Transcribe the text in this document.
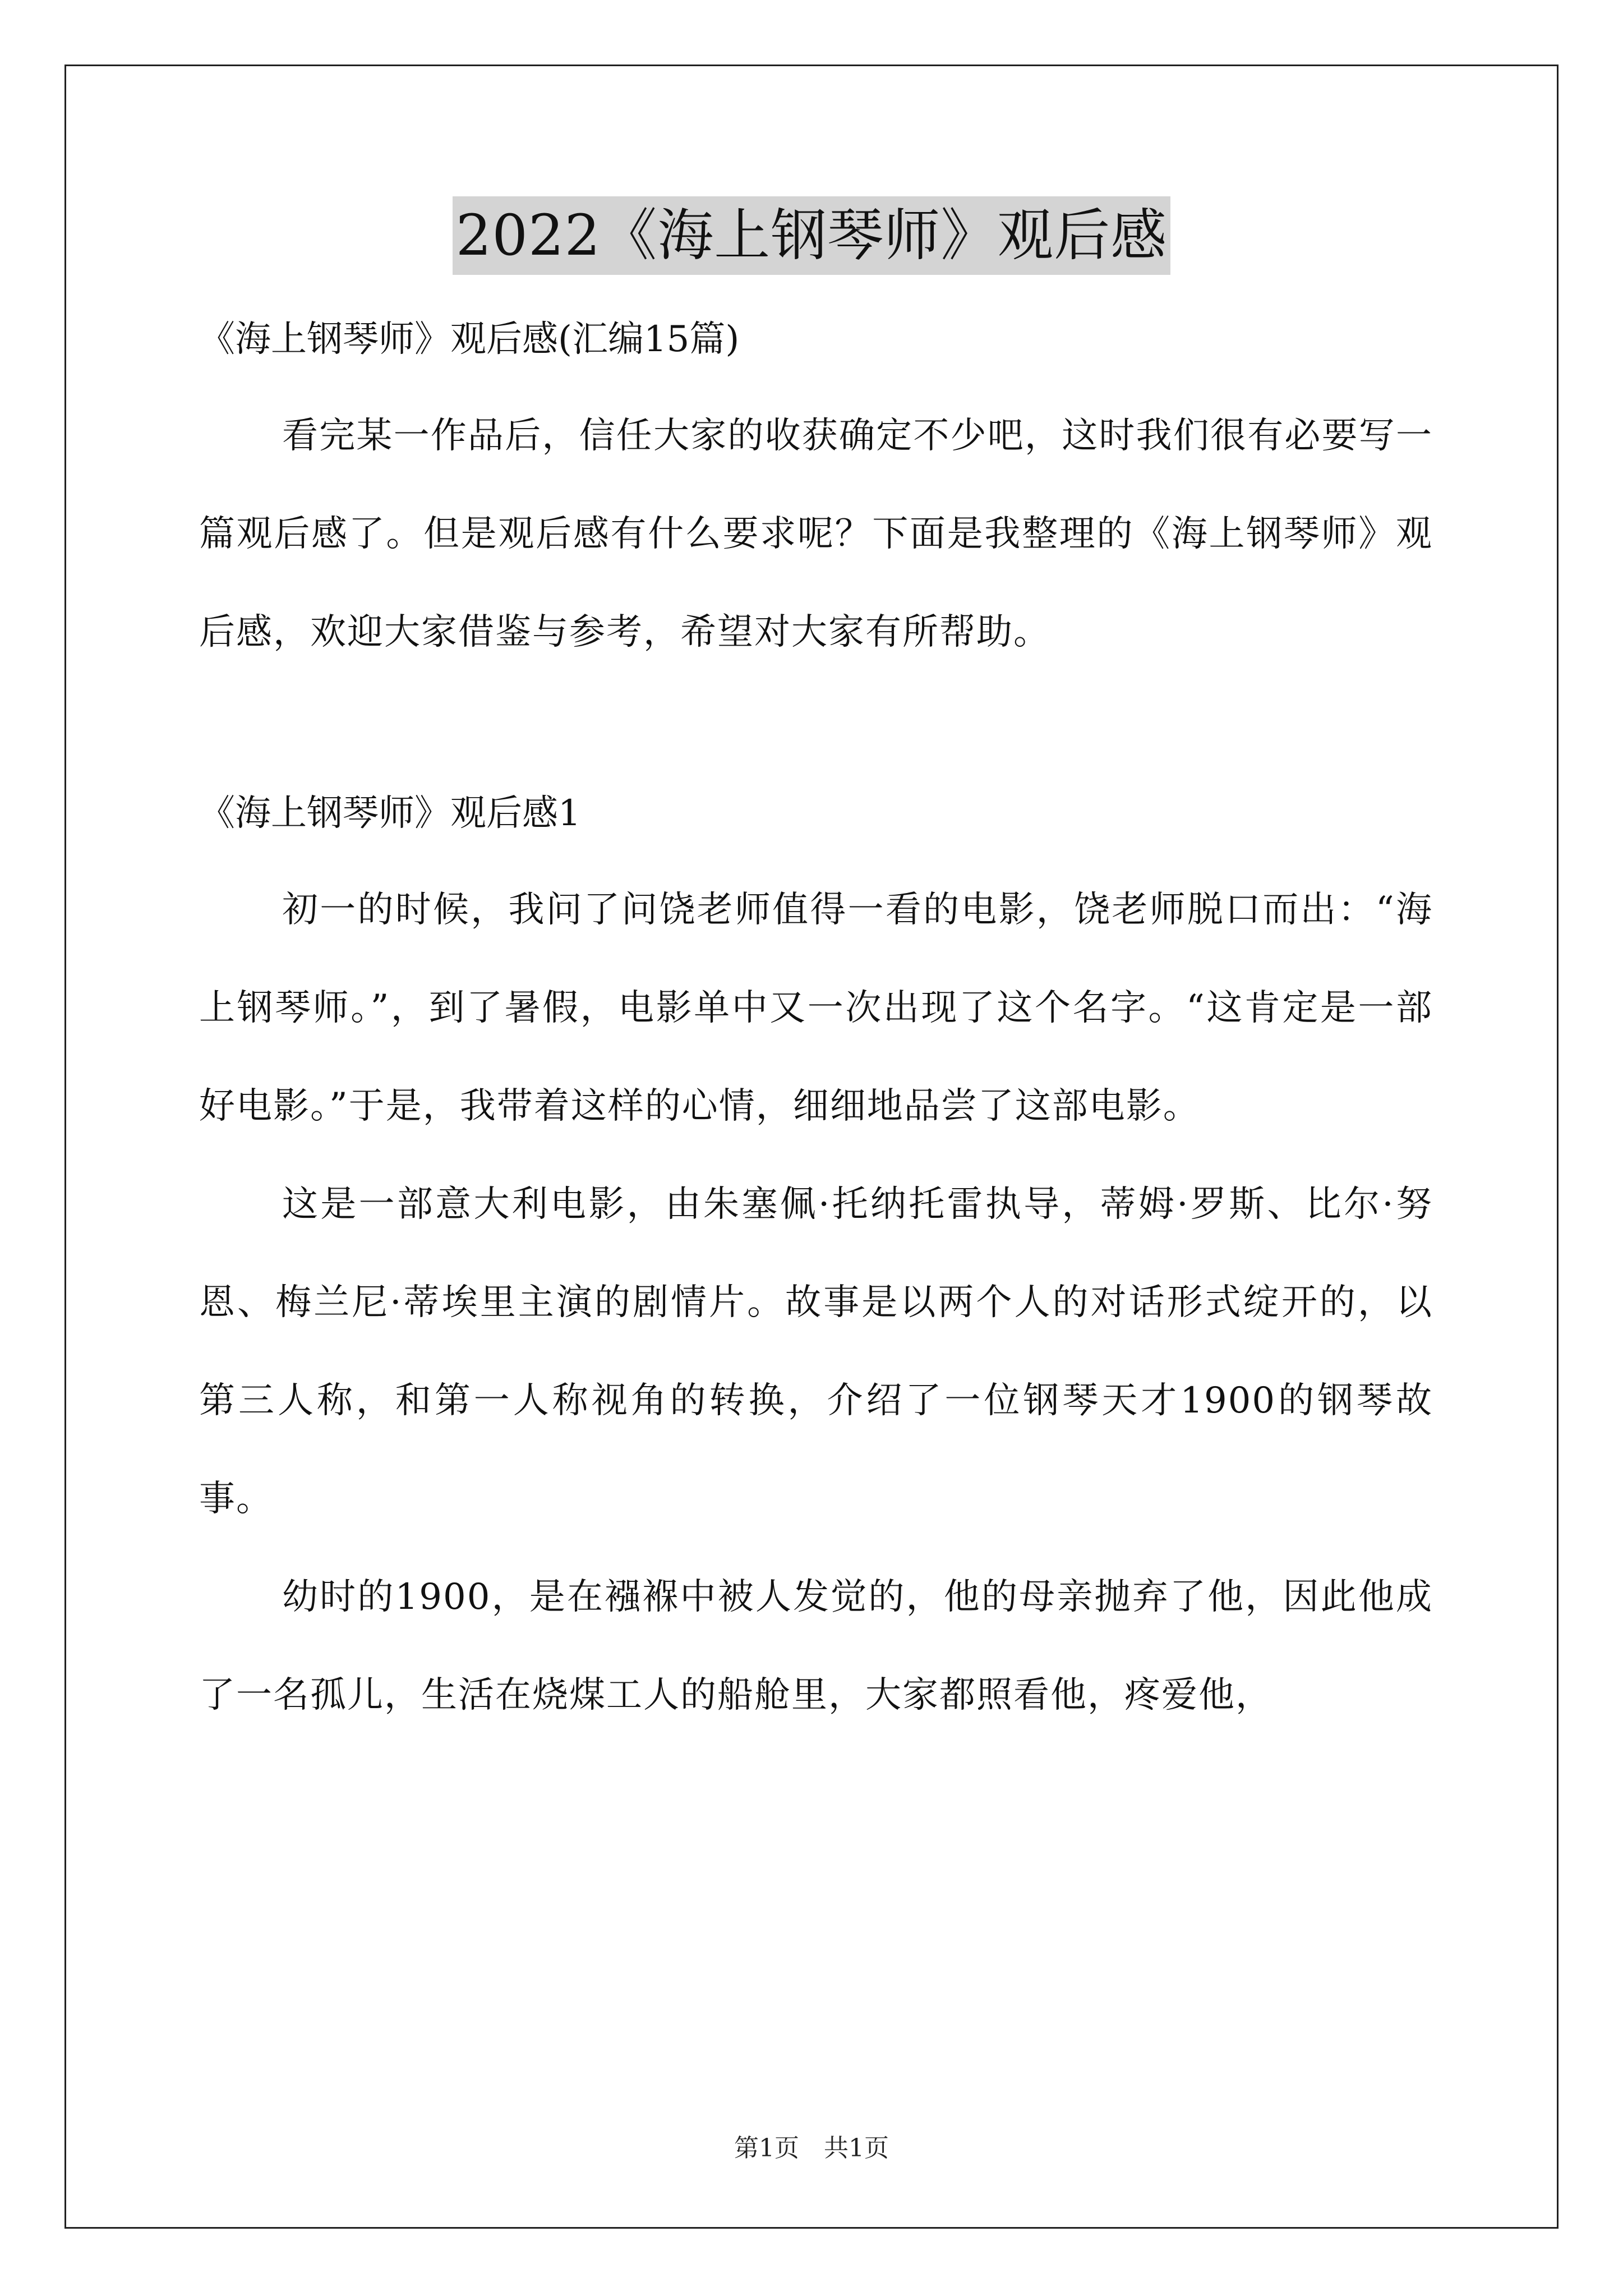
2022《海上钢琴师》观后感
《海上钢琴师》观后感(汇编15篇)

看完某一作品后，信任大家的收获确定不少吧，这时我们很有必要写一篇观后感了。但是观后感有什么要求呢？下面是我整理的《海上钢琴师》观后感，欢迎大家借鉴与参考，希望对大家有所帮助。

《海上钢琴师》观后感1

初一的时候，我问了问饶老师值得一看的电影，饶老师脱口而出：“海上钢琴师。”，到了暑假，电影单中又一次出现了这个名字。“这肯定是一部好电影。”于是，我带着这样的心情，细细地品尝了这部电影。

这是一部意大利电影，由朱塞佩·托纳托雷执导，蒂姆·罗斯、比尔·努恩、梅兰尼·蒂埃里主演的剧情片。故事是以两个人的对话形式绽开的，以第三人称，和第一人称视角的转换，介绍了一位钢琴天才1900的钢琴故事。

幼时的1900，是在襁褓中被人发觉的，他的母亲抛弃了他，因此他成了一名孤儿，生活在烧煤工人的船舱里，大家都照看他，疼爱他，

第1页　共1页
